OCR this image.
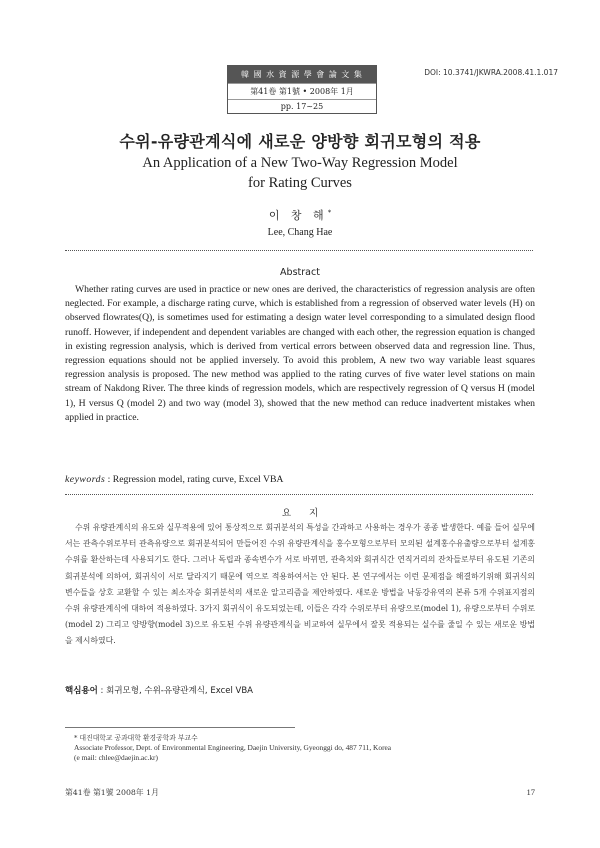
韓 國 水 資 源 學 會 論 文 集
第41卷 第1號 • 2008年 1月
pp. 17~25
DOI: 10.3741/JKWRA.2008.41.1.017
수위-유량관계식에 새로운 양방향 회귀모형의 적용
An Application of a New Two-Way Regression Model
for Rating Curves
이 창 해*
Lee, Chang Hae
Abstract
Whether rating curves are used in practice or new ones are derived, the characteristics of regression analysis are often neglected. For example, a discharge rating curve, which is established from a regression of observed water levels (H) on observed flowrates(Q), is sometimes used for estimating a design water level corresponding to a simulated design flood runoff. However, if independent and dependent variables are changed with each other, the regression equation is changed in existing regression analysis, which is derived from vertical errors between observed data and regression line. Thus, regression equations should not be applied inversely. To avoid this problem, A new two way variable least squares regression analysis is proposed. The new method was applied to the rating curves of five water level stations on main stream of Nakdong River. The three kinds of regression models, which are respectively regression of Q versus H (model 1), H versus Q (model 2) and two way (model 3), showed that the new method can reduce inadvertent mistakes when applied in practice.
keywords : Regression model, rating curve, Excel VBA
요지
수위 유량관계식의 유도와 실무적용에 있어 통상적으로 회귀분석의 특성을 간과하고 사용하는 경우가 종종 발생한다. 예를 들어 실무에서는 관측수위로부터 관측유량으로 회귀분석되어 만들어진 수위 유량관계식을 홍수모형으로부터 모의된 설계홍수유출량으로부터 설계홍수위를 환산하는데 사용되기도 한다. 그러나 독립과 종속변수가 서로 바뀌면, 관측치와 회귀식간 연직거리의 잔차들로부터 유도된 기존의 회귀분석에 의하여, 회귀식이 서로 달라지기 때문에 역으로 적용하여서는 안 된다. 본 연구에서는 이런 문제점을 해결하기위해 회귀식의 변수들을 상호 교환할 수 있는 최소자승 회귀분석의 새로운 알고리즘을 제안하였다. 새로운 방법을 낙동강유역의 본류 5개 수위표지점의 수위 유량관계식에 대하여 적용하였다. 3가지 회귀식이 유도되었는데, 이들은 각각 수위로부터 유량으로(model 1), 유량으로부터 수위로(model 2) 그리고 양방향(model 3)으로 유도된 수위 유량관계식을 비교하여 실무에서 잘못 적용되는 실수를 줄일 수 있는 새로운 방법을 제시하였다.
핵심용어 : 회귀모형, 수위-유량관계식, Excel VBA
* 대진대학교 공과대학 환경공학과 부교수
Associate Professor, Dept. of Environmental Engineering, Daejin University, Gyeonggi do, 487 711, Korea
(e mail: chlee@daejin.ac.kr)
第41卷 第1號 2008年 1月	17
